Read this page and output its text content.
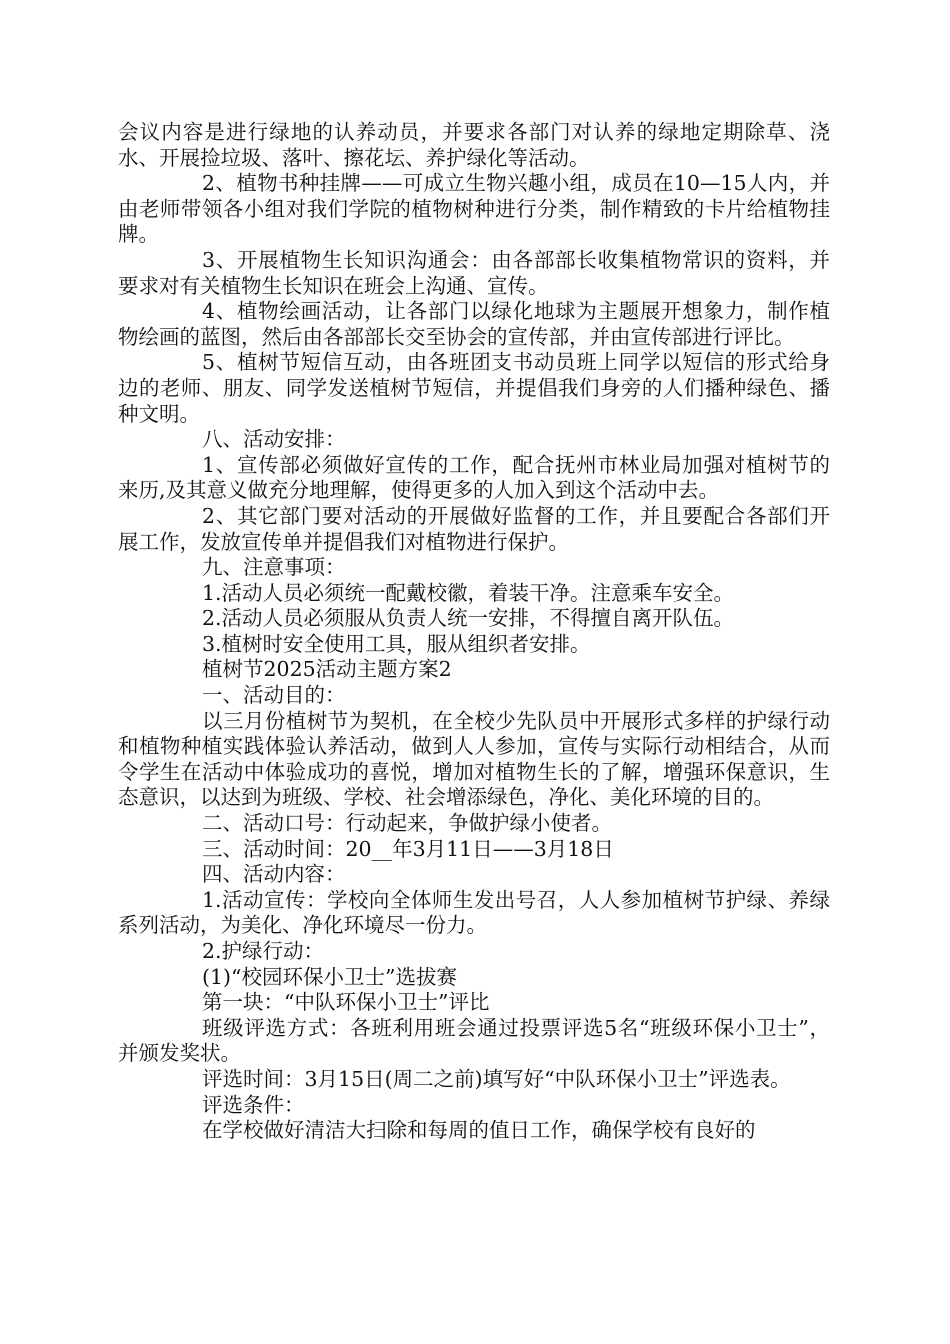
会议内容是进行绿地的认养动员，并要求各部门对认养的绿地定期除草、浇水、开展捡垃圾、落叶、擦花坛、养护绿化等活动。

2、植物书种挂牌——可成立生物兴趣小组，成员在10—15人内，并由老师带领各小组对我们学院的植物树种进行分类，制作精致的卡片给植物挂牌。

3、开展植物生长知识沟通会：由各部部长收集植物常识的资料，并要求对有关植物生长知识在班会上沟通、宣传。

4、植物绘画活动，让各部门以绿化地球为主题展开想象力，制作植物绘画的蓝图，然后由各部部长交至协会的宣传部，并由宣传部进行评比。

5、植树节短信互动，由各班团支书动员班上同学以短信的形式给身边的老师、朋友、同学发送植树节短信，并提倡我们身旁的人们播种绿色、播种文明。

八、活动安排：

1、宣传部必须做好宣传的工作，配合抚州市林业局加强对植树节的来历,及其意义做充分地理解，使得更多的人加入到这个活动中去。

2、其它部门要对活动的开展做好监督的工作，并且要配合各部们开展工作，发放宣传单并提倡我们对植物进行保护。

九、注意事项：

1.活动人员必须统一配戴校徽，着装干净。注意乘车安全。

2.活动人员必须服从负责人统一安排，不得擅自离开队伍。

3.植树时安全使用工具，服从组织者安排。

植树节2025活动主题方案2

一、活动目的：

以三月份植树节为契机，在全校少先队员中开展形式多样的护绿行动和植物种植实践体验认养活动，做到人人参加，宣传与实际行动相结合，从而令学生在活动中体验成功的喜悦，增加对植物生长的了解，增强环保意识，生态意识，以达到为班级、学校、社会增添绿色，净化、美化环境的目的。

二、活动口号：行动起来，争做护绿小使者。

三、活动时间：20__年3月11日——3月18日

四、活动内容：

1.活动宣传：学校向全体师生发出号召，人人参加植树节护绿、养绿系列活动，为美化、净化环境尽一份力。

2.护绿行动：

(1)“校园环保小卫士”选拔赛

第一块：“中队环保小卫士”评比

班级评选方式：各班利用班会通过投票评选5名“班级环保小卫士”，并颁发奖状。

评选时间：3月15日(周二之前)填写好“中队环保小卫士”评选表。

评选条件：

在学校做好清洁大扫除和每周的值日工作，确保学校有良好的
